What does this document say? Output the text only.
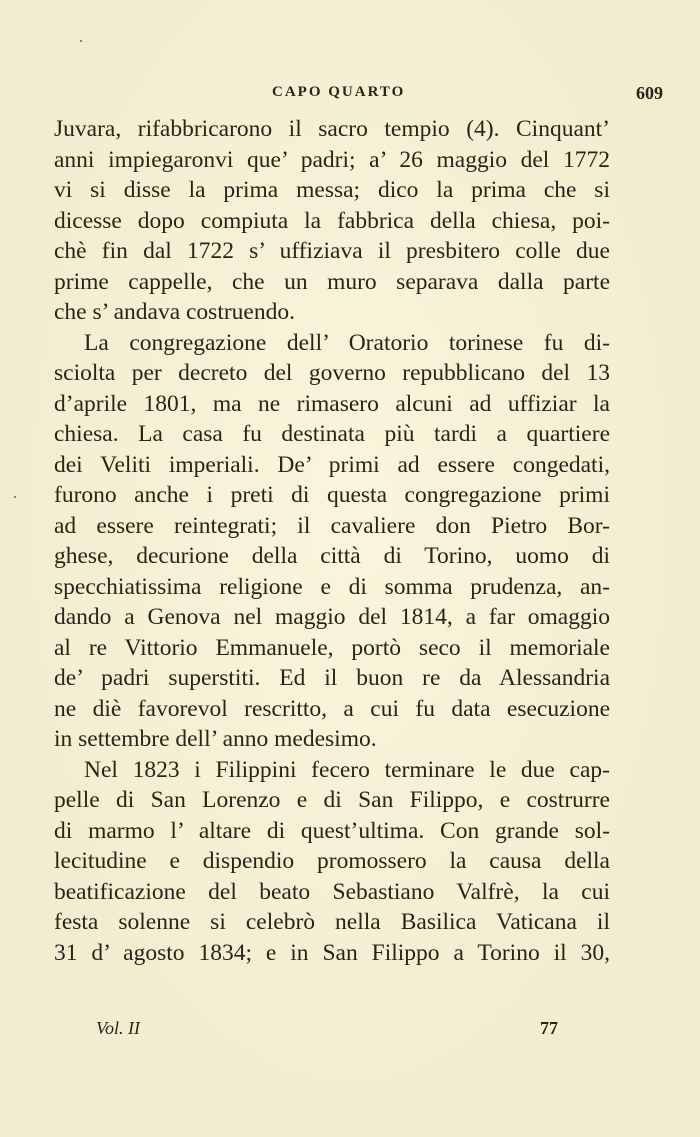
CAPO QUARTO	609
Juvara, rifabbricarono il sacro tempio (4). Cinquant’
anni impiegaronvi que’ padri; a’ 26 maggio del 1772
vi si disse la prima messa; dico la prima che si
dicesse dopo compiuta la fabbrica della chiesa, poi-
chè fin dal 1722 s’ uffiziava il presbitero colle due
prime cappelle, che un muro separava dalla parte
che s’ andava costruendo.
La congregazione dell’ Oratorio torinese fu di-
sciolta per decreto del governo repubblicano del 13
d’aprile 1801, ma ne rimasero alcuni ad uffiziar la
chiesa. La casa fu destinata più tardi a quartiere
dei Veliti imperiali. De’ primi ad essere congedati,
furono anche i preti di questa congregazione primi
ad essere reintegrati; il cavaliere don Pietro Bor-
ghese, decurione della città di Torino, uomo di
specchiatissima religione e di somma prudenza, an-
dando a Genova nel maggio del 1814, a far omaggio
al re Vittorio Emmanuele, portò seco il memoriale
de’ padri superstiti. Ed il buon re da Alessandria
ne diè favorevol rescritto, a cui fu data esecuzione
in settembre dell’ anno medesimo.
Nel 1823 i Filippini fecero terminare le due cap-
pelle di San Lorenzo e di San Filippo, e costrurre
di marmo l’ altare di quest’ultima. Con grande sol-
lecitudine e dispendio promossero la causa della
beatificazione del beato Sebastiano Valfrè, la cui
festa solenne si celebrò nella Basilica Vaticana il
31 d’ agosto 1834; e in San Filippo a Torino il 30,
Vol. II	77
